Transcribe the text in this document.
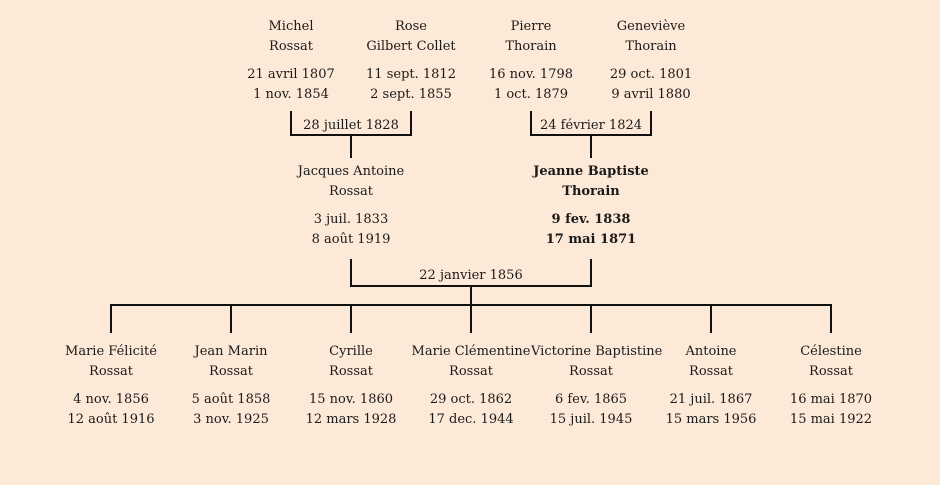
Michel
Rossat
21 avril 1807
1 nov. 1854
Rose
Gilbert Collet
11 sept. 1812
2 sept. 1855
Pierre
Thorain
16 nov. 1798
1 oct. 1879
Geneviève
Thorain
29 oct. 1801
9 avril 1880
28 juillet 1828	24 février 1824
Jacques Antoine
Rossat
3 juil. 1833
8 août 1919
Jeanne Baptiste
Thorain
9 fev. 1838
17 mai 1871
22 janvier 1856
Marie Félicité
Rossat
4 nov. 1856
12 août 1916
Jean Marin
Rossat
5 août 1858
3 nov. 1925
Cyrille
Rossat
15 nov. 1860
12 mars 1928
Marie Clémentine
Rossat
29 oct. 1862
17 dec. 1944
Victorine Baptistine
Rossat
6 fev. 1865
15 juil. 1945
Antoine
Rossat
21 juil. 1867
15 mars 1956
Célestine
Rossat
16 mai 1870
15 mai 1922
